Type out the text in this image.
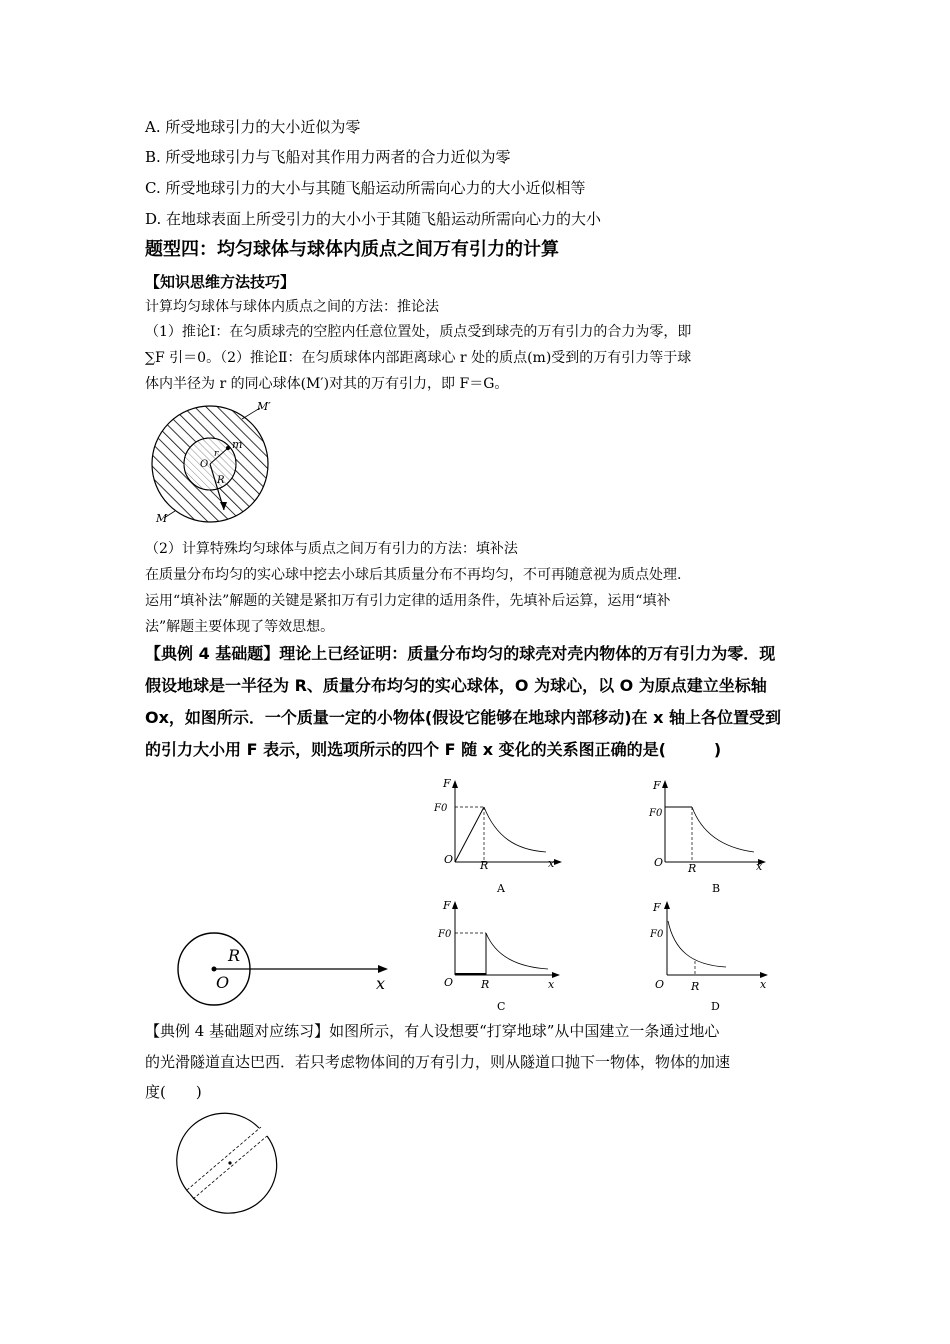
A. 所受地球引力的大小近似为零
B. 所受地球引力与飞船对其作用力两者的合力近似为零
C. 所受地球引力的大小与其随飞船运动所需向心力的大小近似相等
D. 在地球表面上所受引力的大小小于其随飞船运动所需向心力的大小
题型四：均匀球体与球体内质点之间万有引力的计算
【知识思维方法技巧】
计算均匀球体与球体内质点之间的方法：推论法
（1）推论Ⅰ：在匀质球壳的空腔内任意位置处，质点受到球壳的万有引力的合力为零，即
∑F 引＝0。（2）推论Ⅱ：在匀质球体内部距离球心 r 处的质点(m)受到的万有引力等于球
体内半径为 r 的同心球体(M′)对其的万有引力，即 F＝G。
M′
m
r
O
R
M
（2）计算特殊均匀球体与质点之间万有引力的方法：填补法
在质量分布均匀的实心球中挖去小球后其质量分布不再均匀，不可再随意视为质点处理.
运用“填补法”解题的关键是紧扣万有引力定律的适用条件，先填补后运算，运用“填补
法”解题主要体现了等效思想。
【典例 4 基础题】理论上已经证明：质量分布均匀的球壳对壳内物体的万有引力为零．现
假设地球是一半径为 R、质量分布均匀的实心球体，O 为球心，以 O 为原点建立坐标轴
Ox，如图所示．一个质量一定的小物体(假设它能够在地球内部移动)在 x 轴上各位置受到
的引力大小用 F 表示，则选项所示的四个 F 随 x 变化的关系图正确的是(　　　)
R
O	x
F
F0
O R	x
A
F
F0
O R	x
B
F
F0
O	R	x
C
F
F0
O R	x
D
【典例 4 基础题对应练习】如图所示，有人设想要“打穿地球”从中国建立一条通过地心
的光滑隧道直达巴西．若只考虑物体间的万有引力，则从隧道口抛下一物体，物体的加速
度(　　)
